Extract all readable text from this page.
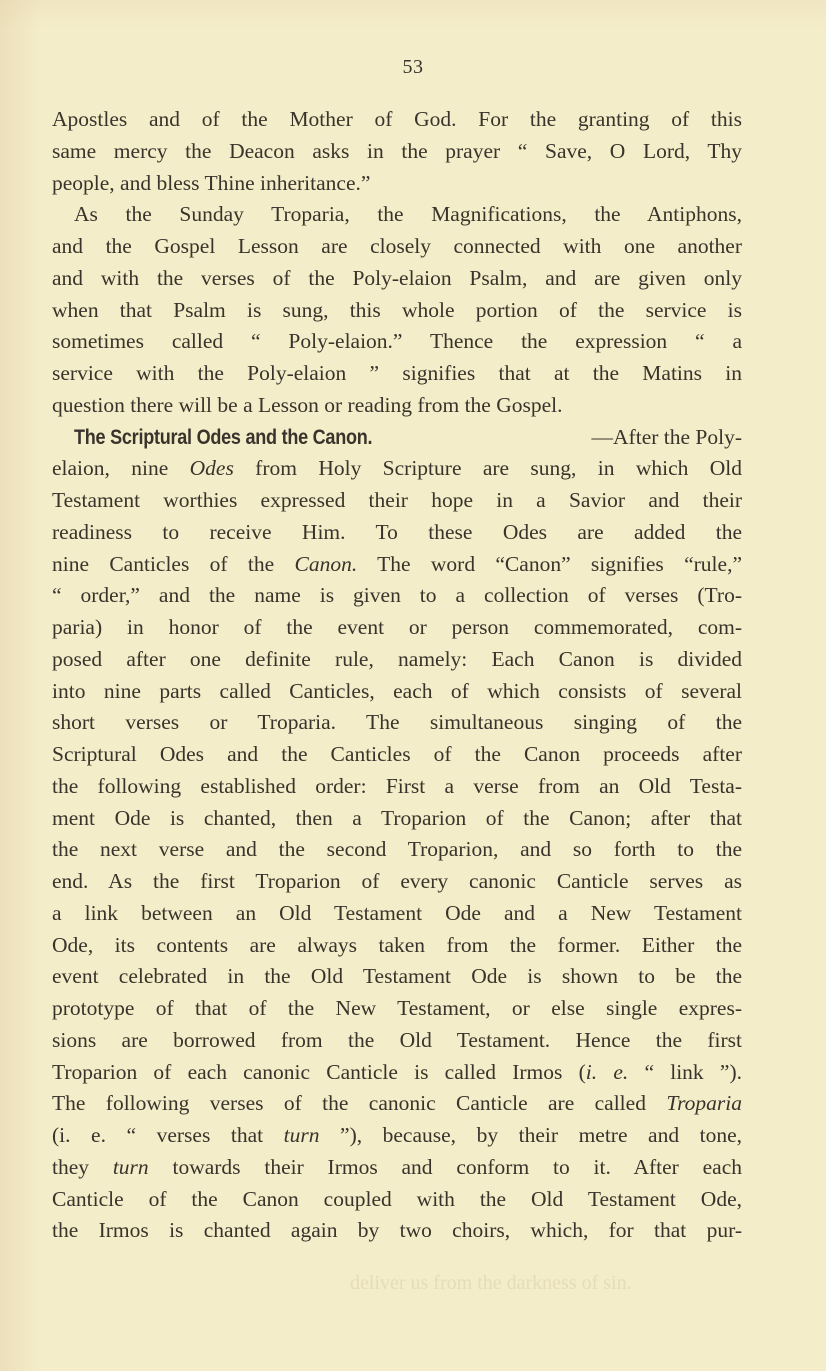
53
Apostles and of the Mother of God. For the granting of this
same mercy the Deacon asks in the prayer “ Save, O Lord, Thy
people, and bless Thine inheritance.”
As the Sunday Troparia, the Magnifications, the Antiphons,
and the Gospel Lesson are closely connected with one another
and with the verses of the Poly-elaion Psalm, and are given only
when that Psalm is sung, this whole portion of the service is
sometimes called “ Poly-elaion.” Thence the expression “ a
service with the Poly-elaion ” signifies that at the Matins in
question there will be a Lesson or reading from the Gospel.
The Scriptural Odes and the Canon.	—After the Poly-
elaion, nine Odes from Holy Scripture are sung, in which Old
Testament worthies expressed their hope in a Savior and their
readiness to receive Him. To these Odes are added the
nine Canticles of the Canon. The word “Canon” signifies “rule,”
“ order,” and the name is given to a collection of verses (Tro-
paria) in honor of the event or person commemorated, com-
posed after one definite rule, namely: Each Canon is divided
into nine parts called Canticles, each of which consists of several
short verses or Troparia. The simultaneous singing of the
Scriptural Odes and the Canticles of the Canon proceeds after
the following established order: First a verse from an Old Testa-
ment Ode is chanted, then a Troparion of the Canon; after that
the next verse and the second Troparion, and so forth to the
end. As the first Troparion of every canonic Canticle serves as
a link between an Old Testament Ode and a New Testament
Ode, its contents are always taken from the former. Either the
event celebrated in the Old Testament Ode is shown to be the
prototype of that of the New Testament, or else single expres-
sions are borrowed from the Old Testament. Hence the first
Troparion of each canonic Canticle is called Irmos (i. e. “ link ”).
The following verses of the canonic Canticle are called Troparia
(i. e. “ verses that turn ”), because, by their metre and tone,
they turn towards their Irmos and conform to it. After each
Canticle of the Canon coupled with the Old Testament Ode,
the Irmos is chanted again by two choirs, which, for that pur-
deliver us from the darkness of sin.
